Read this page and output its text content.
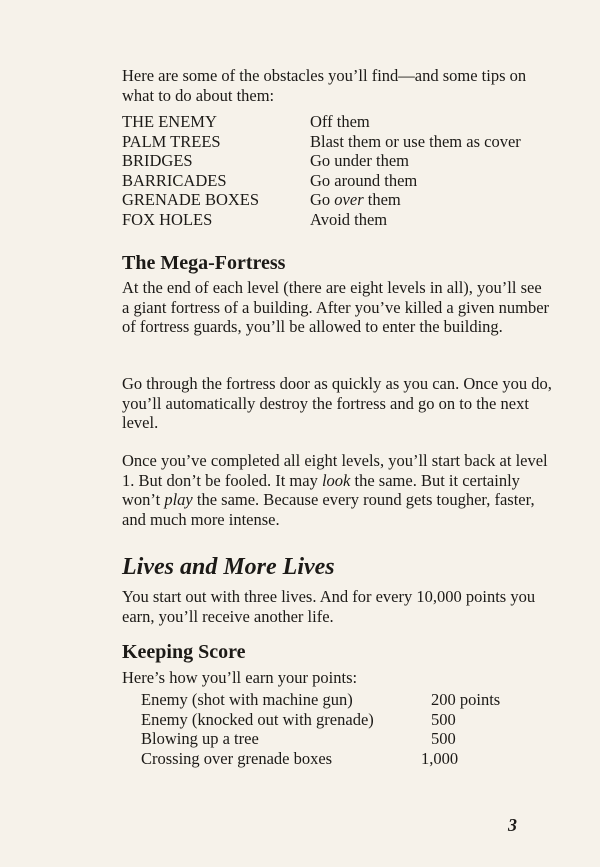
Here are some of the obstacles you’ll find—and some tips on what to do about them:

THE ENEMY	Off them
PALM TREES	Blast them or use them as cover
BRIDGES	Go under them
BARRICADES	Go around them
GRENADE BOXES	Go over them
FOX HOLES	Avoid them
The Mega-Fortress

At the end of each level (there are eight levels in all), you’ll see a giant fortress of a building. After you’ve killed a given number of fortress guards, you’ll be allowed to enter the building.

Go through the fortress door as quickly as you can. Once you do, you’ll automatically destroy the fortress and go on to the next level.

Once you’ve completed all eight levels, you’ll start back at level 1. But don’t be fooled. It may look the same. But it certainly won’t play the same. Because every round gets tougher, faster, and much more intense.

Lives and More Lives

You start out with three lives. And for every 10,000 points you earn, you’ll receive another life.

Keeping Score

Here’s how you’ll earn your points:

Enemy (shot with machine gun)	200 points
Enemy (knocked out with grenade)	500
Blowing up a tree	500
Crossing over grenade boxes	1,000
3
